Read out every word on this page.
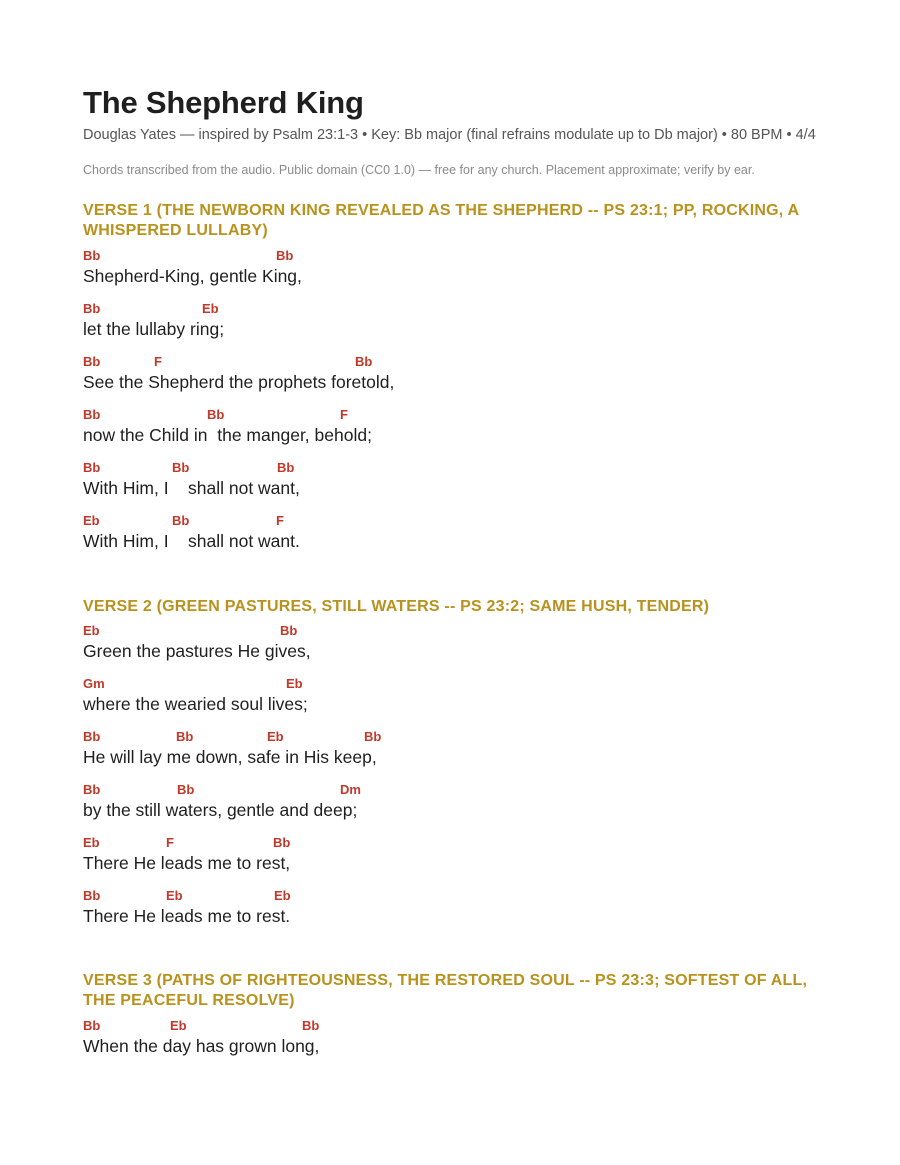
The Shepherd King
Douglas Yates — inspired by Psalm 23:1-3 • Key: Bb major (final refrains modulate up to Db major) • 80 BPM • 4/4
Chords transcribed from the audio. Public domain (CC0 1.0) — free for any church. Placement approximate; verify by ear.
VERSE 1 (THE NEWBORN KING REVEALED AS THE SHEPHERD -- PS 23:1; PP, ROCKING, A WHISPERED LULLABY)
Bb	Bb
Shepherd-King, gentle King,
Bb	Eb
let the lullaby ring;
Bb	F	Bb
See the Shepherd the prophets foretold,
Bb	Bb	F
now the Child in  the manger, behold;
Bb	Bb	Bb
With Him, I    shall not want,
Eb	Bb	F
With Him, I    shall not want.
VERSE 2 (GREEN PASTURES, STILL WATERS -- PS 23:2; SAME HUSH, TENDER)
Eb	Bb
Green the pastures He gives,
Gm	Eb
where the wearied soul lives;
Bb	Bb	Eb	Bb
He will lay me down, safe in His keep,
Bb	Bb	Dm
by the still waters, gentle and deep;
Eb	F	Bb
There He leads me to rest,
Bb	Eb	Eb
There He leads me to rest.
VERSE 3 (PATHS OF RIGHTEOUSNESS, THE RESTORED SOUL -- PS 23:3; SOFTEST OF ALL, THE PEACEFUL RESOLVE)
Bb	Eb	Bb
When the day has grown long,
